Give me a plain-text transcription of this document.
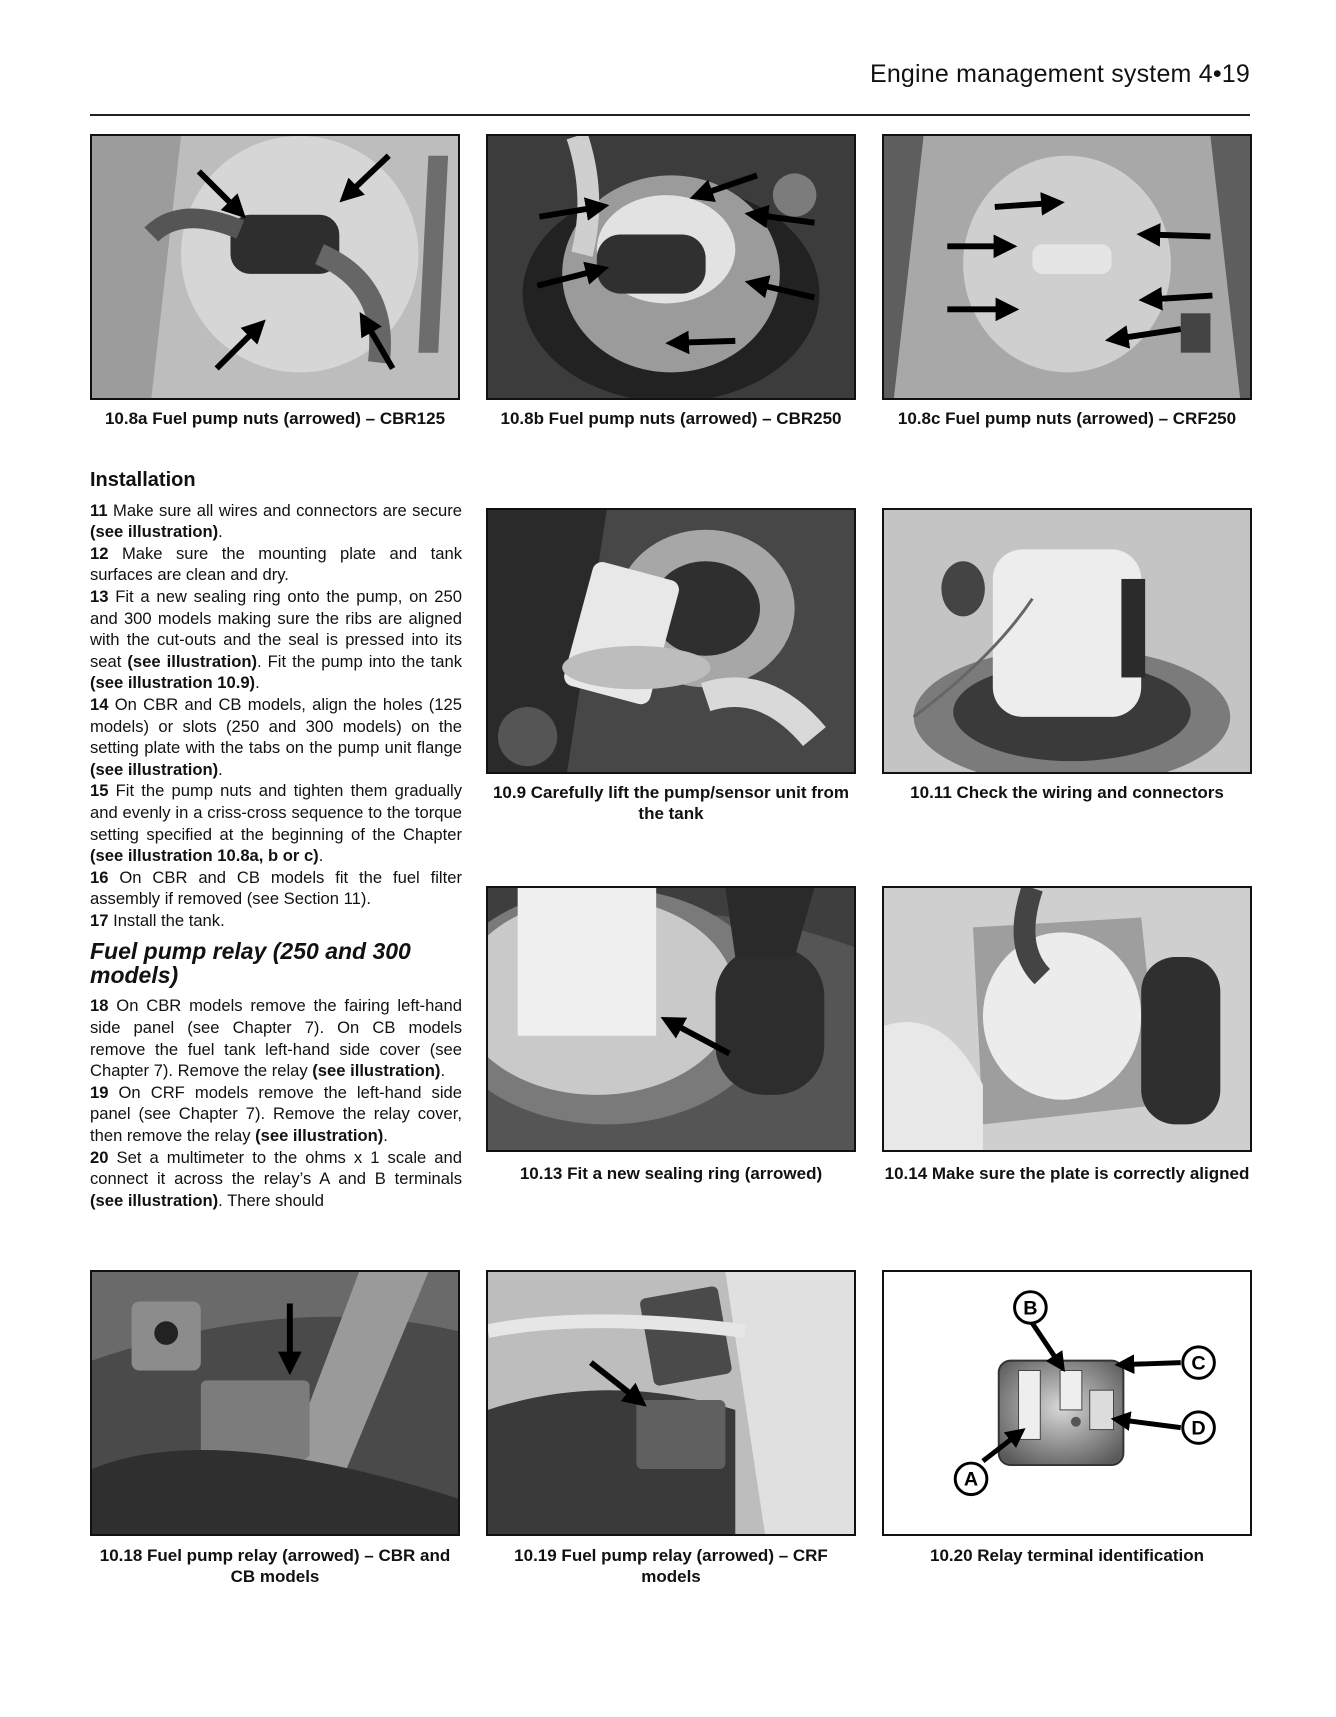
Engine management system 4•19
10.8a Fuel pump nuts (arrowed) – CBR125	10.8b Fuel pump nuts (arrowed) – CBR250	10.8c Fuel pump nuts (arrowed) – CRF250
Installation

11 Make sure all wires and connectors are secure (see illustration).

12 Make sure the mounting plate and tank surfaces are clean and dry.

13 Fit a new sealing ring onto the pump, on 250 and 300 models making sure the ribs are aligned with the cut-outs and the seal is pressed into its seat (see illustration). Fit the pump into the tank (see illustration 10.9).

14 On CBR and CB models, align the holes (125 models) or slots (250 and 300 models) on the setting plate with the tabs on the pump unit flange (see illustration).

15 Fit the pump nuts and tighten them gradually and evenly in a criss-cross sequence to the torque setting specified at the beginning of the Chapter (see illustration 10.8a, b or c).

16 On CBR and CB models fit the fuel filter assembly if removed (see Section 11).

17 Install the tank.

Fuel pump relay (250 and 300 models)

18 On CBR models remove the fairing left-hand side panel (see Chapter 7). On CB models remove the fuel tank left-hand side cover (see Chapter 7). Remove the relay (see illustration).

19 On CRF models remove the left-hand side panel (see Chapter 7). Remove the relay cover, then remove the relay (see illustration).

20 Set a multimeter to the ohms x 1 scale and connect it across the relay’s A and B terminals (see illustration). There should

10.9 Carefully lift the pump/sensor unit from the tank
10.11 Check the wiring and connectors
10.13 Fit a new sealing ring (arrowed)	10.14 Make sure the plate is correctly aligned
10.18 Fuel pump relay (arrowed) – CBR and CB models
10.19 Fuel pump relay (arrowed) – CRF models
B
C
D
A
10.20 Relay terminal identification
